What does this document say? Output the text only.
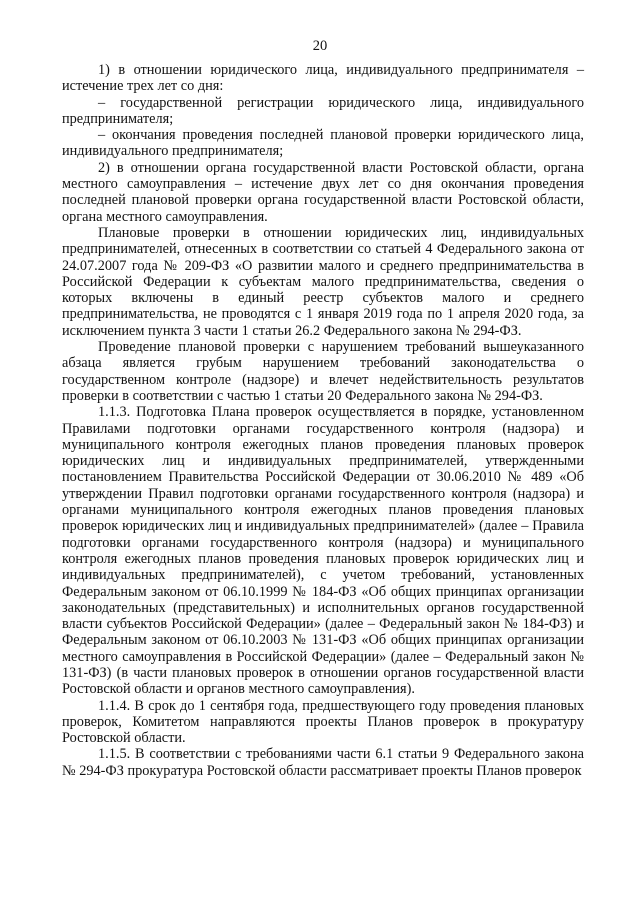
20

1) в отношении юридического лица, индивидуального предпринимателя – истечение трех лет со дня:

– государственной регистрации юридического лица, индивидуального предпринимателя;

– окончания проведения последней плановой проверки юридического лица, индивидуального предпринимателя;

2) в отношении органа государственной власти Ростовской области, органа местного самоуправления – истечение двух лет со дня окончания проведения последней плановой проверки органа государственной власти Ростовской области, органа местного самоуправления.

Плановые проверки в отношении юридических лиц, индивидуальных предпринимателей, отнесенных в соответствии со статьей 4 Федерального закона от 24.07.2007 года № 209-ФЗ «О развитии малого и среднего предпринимательства в Российской Федерации к субъектам малого предпринимательства, сведения о которых включены в единый реестр субъектов малого и среднего предпринимательства, не проводятся с 1 января 2019 года по 1 апреля 2020 года, за исключением пункта 3 части 1 статьи 26.2 Федерального закона № 294-ФЗ.

Проведение плановой проверки с нарушением требований вышеуказанного абзаца является грубым нарушением требований законодательства о государственном контроле (надзоре) и влечет недействительность результатов проверки в соответствии с частью 1 статьи 20 Федерального закона № 294-ФЗ.

1.1.3. Подготовка Плана проверок осуществляется в порядке, установленном Правилами подготовки органами государственного контроля (надзора) и муниципального контроля ежегодных планов проведения плановых проверок юридических лиц и индивидуальных предпринимателей, утвержденными постановлением Правительства Российской Федерации от 30.06.2010 № 489 «Об утверждении Правил подготовки органами государственного контроля (надзора) и органами муниципального контроля ежегодных планов проведения плановых проверок юридических лиц и индивидуальных предпринимателей» (далее – Правила подготовки органами государственного контроля (надзора) и муниципального контроля ежегодных планов проведения плановых проверок юридических лиц и индивидуальных предпринимателей), с учетом требований, установленных Федеральным законом от 06.10.1999 № 184-ФЗ «Об общих принципах организации законодательных (представительных) и исполнительных органов государственной власти субъектов Российской Федерации» (далее – Федеральный закон № 184-ФЗ) и Федеральным законом от 06.10.2003 № 131-ФЗ «Об общих принципах организации местного самоуправления в Российской Федерации» (далее – Федеральный закон № 131-ФЗ) (в части плановых проверок в отношении органов государственной власти Ростовской области и органов местного самоуправления).

1.1.4. В срок до 1 сентября года, предшествующего году проведения плановых проверок, Комитетом направляются проекты Планов проверок в прокуратуру Ростовской области.

1.1.5. В соответствии с требованиями части 6.1 статьи 9 Федерального закона № 294-ФЗ прокуратура Ростовской области рассматривает проекты Планов проверок
